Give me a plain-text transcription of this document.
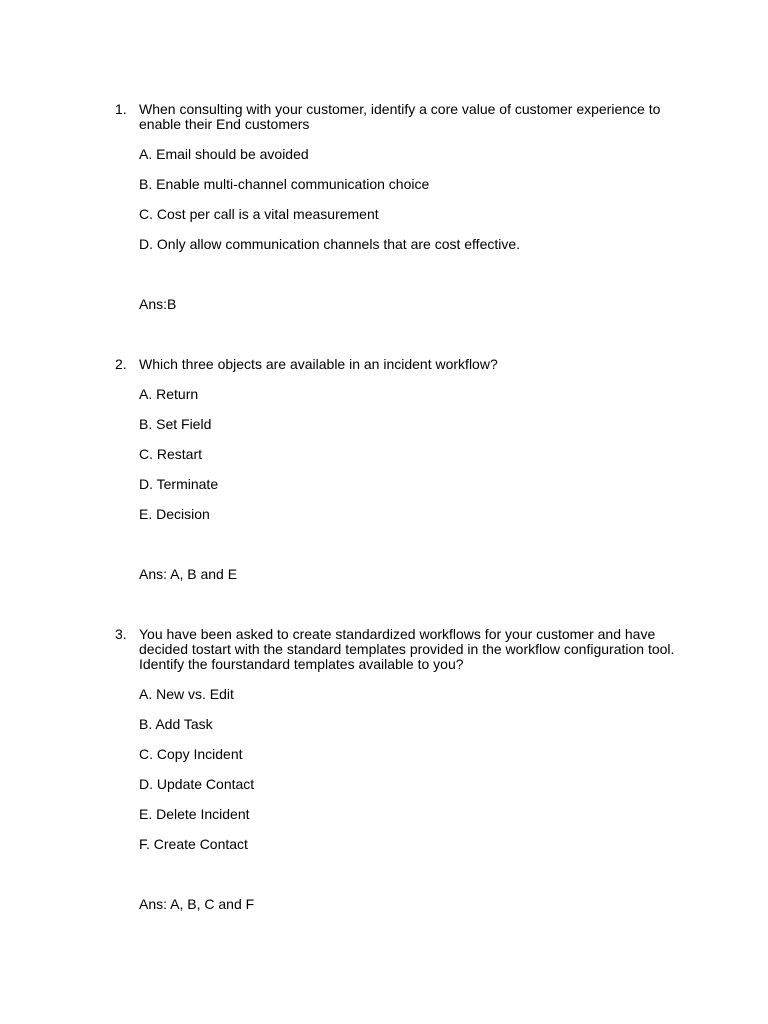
1. When consulting with your customer, identify a core value of customer experience to enable their End customers
A. Email should be avoided
B. Enable multi-channel communication choice
C. Cost per call is a vital measurement
D. Only allow communication channels that are cost effective.
Ans:B
2. Which three objects are available in an incident workflow?
A. Return
B. Set Field
C. Restart
D. Terminate
E. Decision
Ans: A, B and E
3. You have been asked to create standardized workflows for your customer and have decided tostart with the standard templates provided in the workflow configuration tool. Identify the fourstandard templates available to you?
A. New vs. Edit
B. Add Task
C. Copy Incident
D. Update Contact
E. Delete Incident
F. Create Contact
Ans: A, B, C and F
